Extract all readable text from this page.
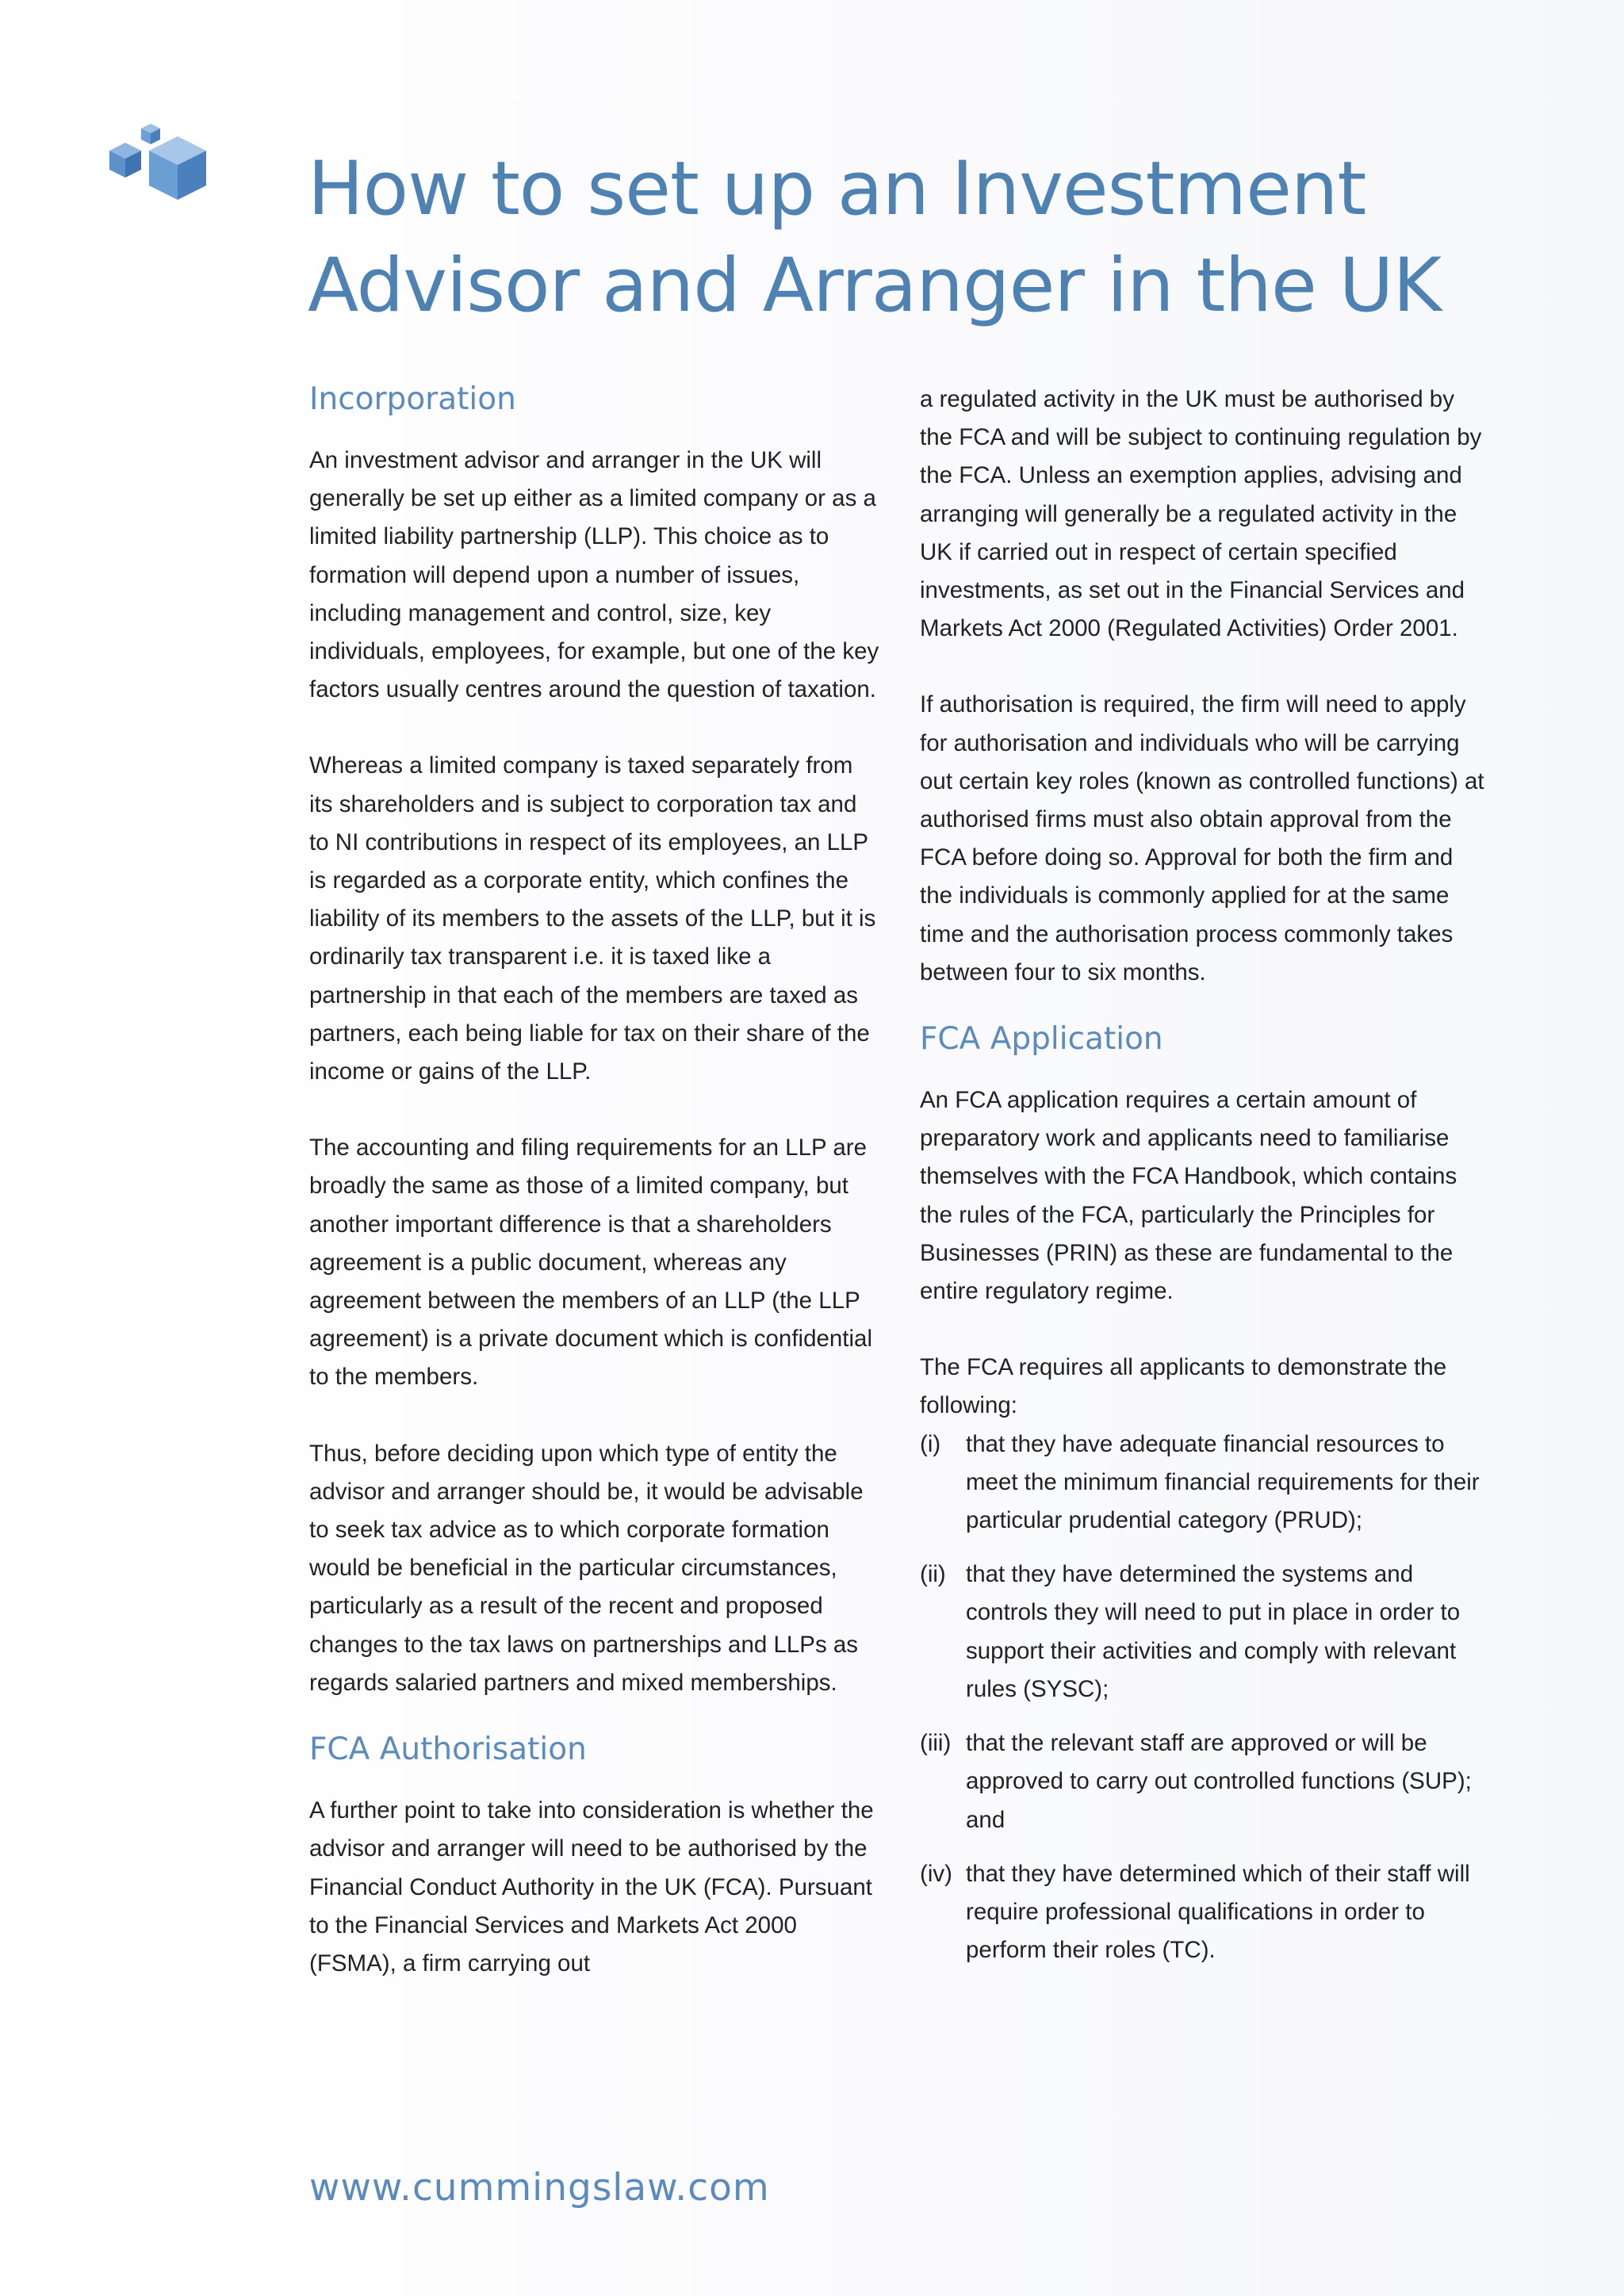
How to set up an Investment
Advisor and Arranger in the UK
Incorporation

An investment advisor and arranger in the UK will generally be set up either as a limited company or as a limited liability partnership (LLP). This choice as to formation will depend upon a number of issues, including management and control, size, key individuals, employees, for example, but one of the key factors usually centres around the question of taxation.

Whereas a limited company is taxed separately from its shareholders and is subject to corporation tax and to NI contributions in respect of its employees, an LLP is regarded as a corporate entity, which confines the liability of its members to the assets of the LLP, but it is ordinarily tax transparent i.e. it is taxed like a partnership in that each of the members are taxed as partners, each being liable for tax on their share of the income or gains of the LLP.

The accounting and filing requirements for an LLP are broadly the same as those of a limited company, but another important difference is that a shareholders agreement is a public document, whereas any agreement between the members of an LLP (the LLP agreement) is a private document which is confidential to the members.

Thus, before deciding upon which type of entity the advisor and arranger should be, it would be advisable to seek tax advice as to which corporate formation would be beneficial in the particular circumstances, particularly as a result of the recent and proposed changes to the tax laws on partnerships and LLPs as regards salaried partners and mixed memberships.

FCA Authorisation

A further point to take into consideration is whether the advisor and arranger will need to be authorised by the Financial Conduct Authority in the UK (FCA). Pursuant to the Financial Services and Markets Act 2000 (FSMA), a firm carrying out

a regulated activity in the UK must be authorised by the FCA and will be subject to continuing regulation by the FCA. Unless an exemption applies, advising and arranging will generally be a regulated activity in the UK if carried out in respect of certain specified investments, as set out in the Financial Services and Markets Act 2000 (Regulated Activities) Order 2001.

If authorisation is required, the firm will need to apply for authorisation and individuals who will be carrying out certain key roles (known as controlled functions) at authorised firms must also obtain approval from the FCA before doing so. Approval for both the firm and the individuals is commonly applied for at the same time and the authorisation process commonly takes between four to six months.

FCA Application

An FCA application requires a certain amount of preparatory work and applicants need to familiarise themselves with the FCA Handbook, which contains the rules of the FCA, particularly the Principles for Businesses (PRIN) as these are fundamental to the entire regulatory regime.

The FCA requires all applicants to demonstrate the following:

(i) that they have adequate financial resources to meet the minimum financial requirements for their particular prudential category (PRUD);

(ii) that they have determined the systems and controls they will need to put in place in order to support their activities and comply with relevant rules (SYSC);

(iii) that the relevant staff are approved or will be approved to carry out controlled functions (SUP); and

(iv) that they have determined which of their staff will require professional qualifications in order to perform their roles (TC).

www.cummingslaw.com
